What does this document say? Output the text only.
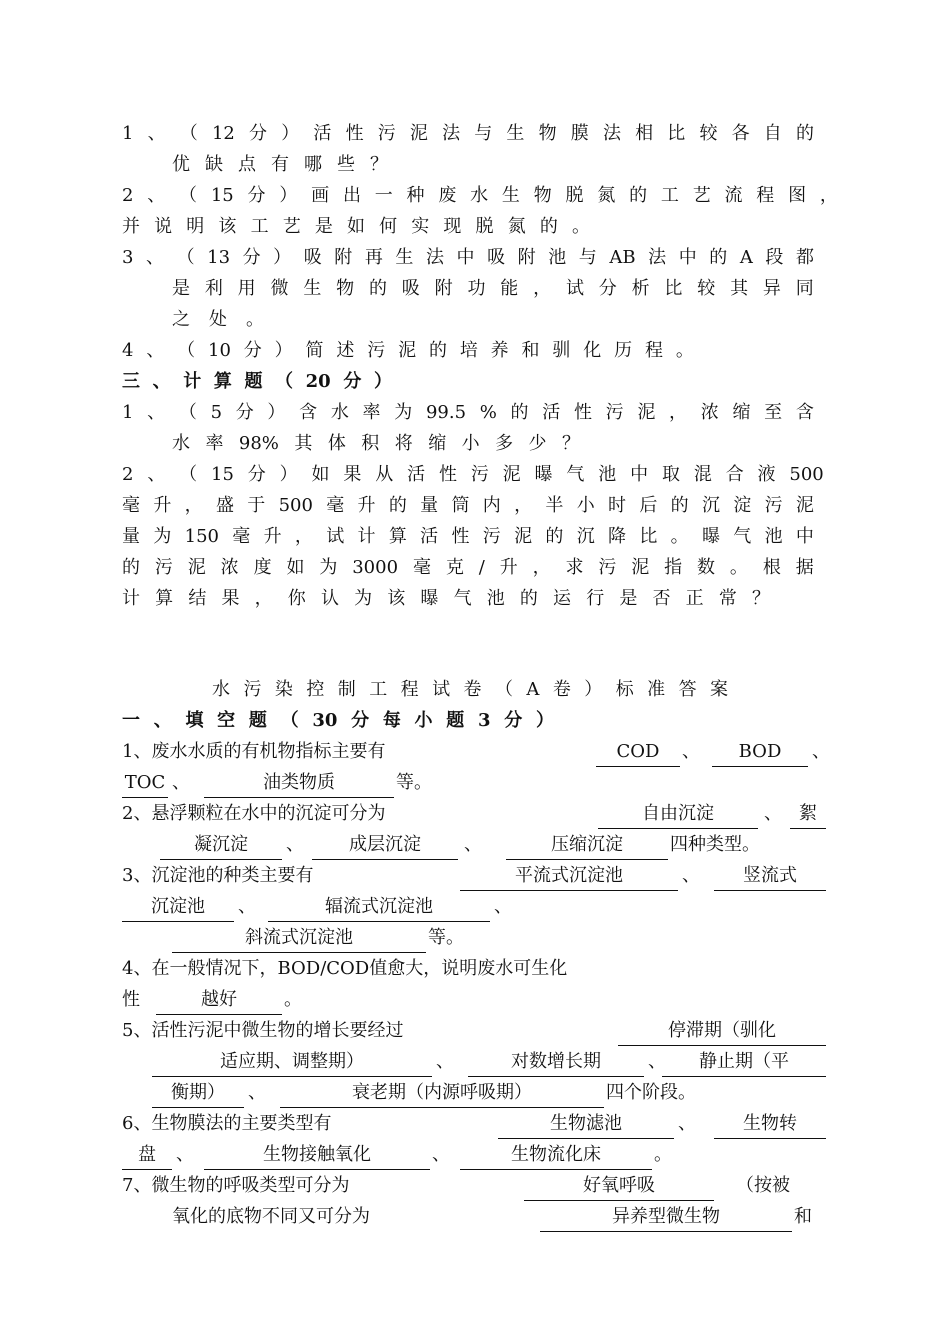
1 、 （ 12 分 ） 活 性 污 泥 法 与 生 物 膜 法 相 比 较 各 自 的
优 缺 点 有 哪 些 ？
2 、 （ 15 分 ） 画 出 一 种 废 水 生 物 脱 氮 的 工 艺 流 程 图 ，
并 说 明 该 工 艺 是 如 何 实 现 脱 氮 的 。
3 、 （ 13 分 ） 吸 附 再 生 法 中 吸 附 池 与 AB 法 中 的 A 段 都
是 利 用 微 生 物 的 吸 附 功 能 ， 试 分 析 比 较 其 异 同
之 处 。
4 、 （ 10 分 ） 简 述 污 泥 的 培 养 和 驯 化 历 程 。
三 、 计 算 题 （ 20 分 ）
1 、 （ 5 分 ） 含 水 率 为 99.5 % 的 活 性 污 泥 ， 浓 缩 至 含
水 率 98% 其 体 积 将 缩 小 多 少 ？
2 、 （ 15 分 ） 如 果 从 活 性 污 泥 曝 气 池 中 取 混 合 液 500
毫 升 ， 盛 于 500 毫 升 的 量 筒 内 ， 半 小 时 后 的 沉 淀 污 泥
量 为 150 毫 升 ， 试 计 算 活 性 污 泥 的 沉 降 比 。 曝 气 池 中
的 污 泥 浓 度 如 为 3000 毫 克 / 升 ， 求 污 泥 指 数 。 根 据
计 算 结 果 ， 你 认 为 该 曝 气 池 的 运 行 是 否 正 常 ？
水 污 染 控 制 工 程 试 卷 （ A 卷 ） 标 准 答 案
一 、 填 空 题 （ 30 分 每 小 题 3 分 ）
1、废水水质的有机物指标主要有	COD	、	BOD	、
TOC 、	油类物质	等。
2、悬浮颗粒在水中的沉淀可分为	自由沉淀	、 絮
凝沉淀	、	成层沉淀	、	压缩沉淀	四种类型。
3、沉淀池的种类主要有	平流式沉淀池	、	竖流式
沉淀池	、	辐流式沉淀池	、
斜流式沉淀池	等。
4、在一般情况下，BOD/COD值愈大，说明废水可生化
性	越好	。
5、活性污泥中微生物的增长要经过	停滞期（驯化
适应期、调整期）	、	对数增长期	、	静止期（平
衡期）	、	衰老期（内源呼吸期）	四个阶段。
6、生物膜法的主要类型有	生物滤池	、	生物转
盘	、	生物接触氧化	、	生物流化床	。
7、微生物的呼吸类型可分为	好氧呼吸	（按被
氧化的底物不同又可分为	异养型微生物	和
